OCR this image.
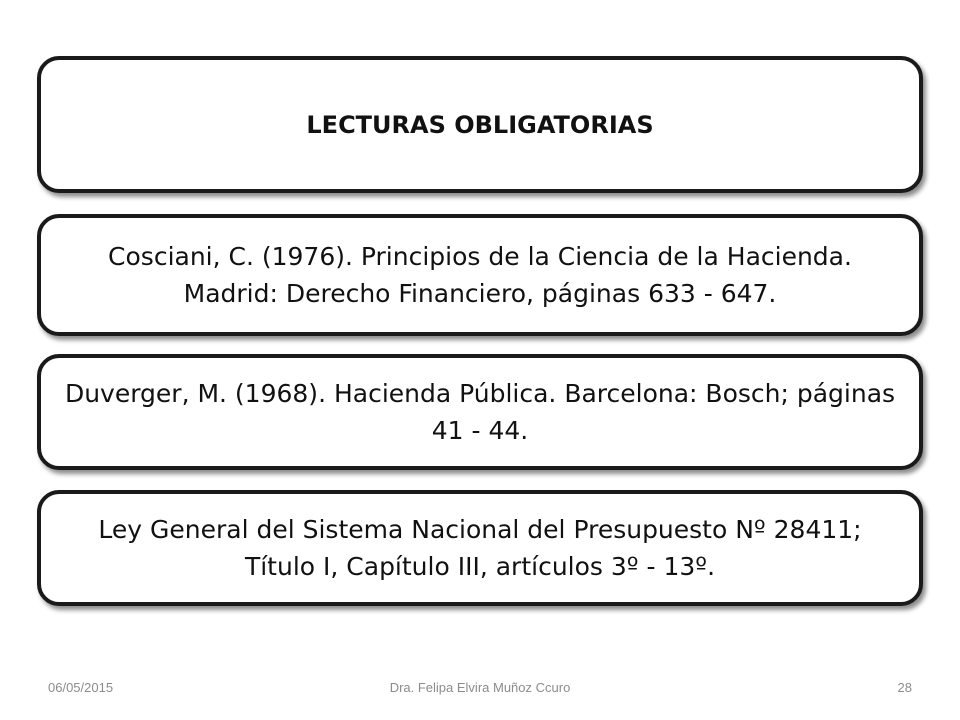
LECTURAS OBLIGATORIAS
Cosciani, C. (1976). Principios de la Ciencia de la Hacienda. Madrid: Derecho Financiero, páginas 633 - 647.
Duverger, M. (1968). Hacienda Pública. Barcelona: Bosch; páginas 41 - 44.
Ley General del Sistema Nacional del Presupuesto Nº 28411; Título I, Capítulo III, artículos 3º - 13º.
Dra. Felipa Elvira Muñoz Ccuro
06/05/2015	28
